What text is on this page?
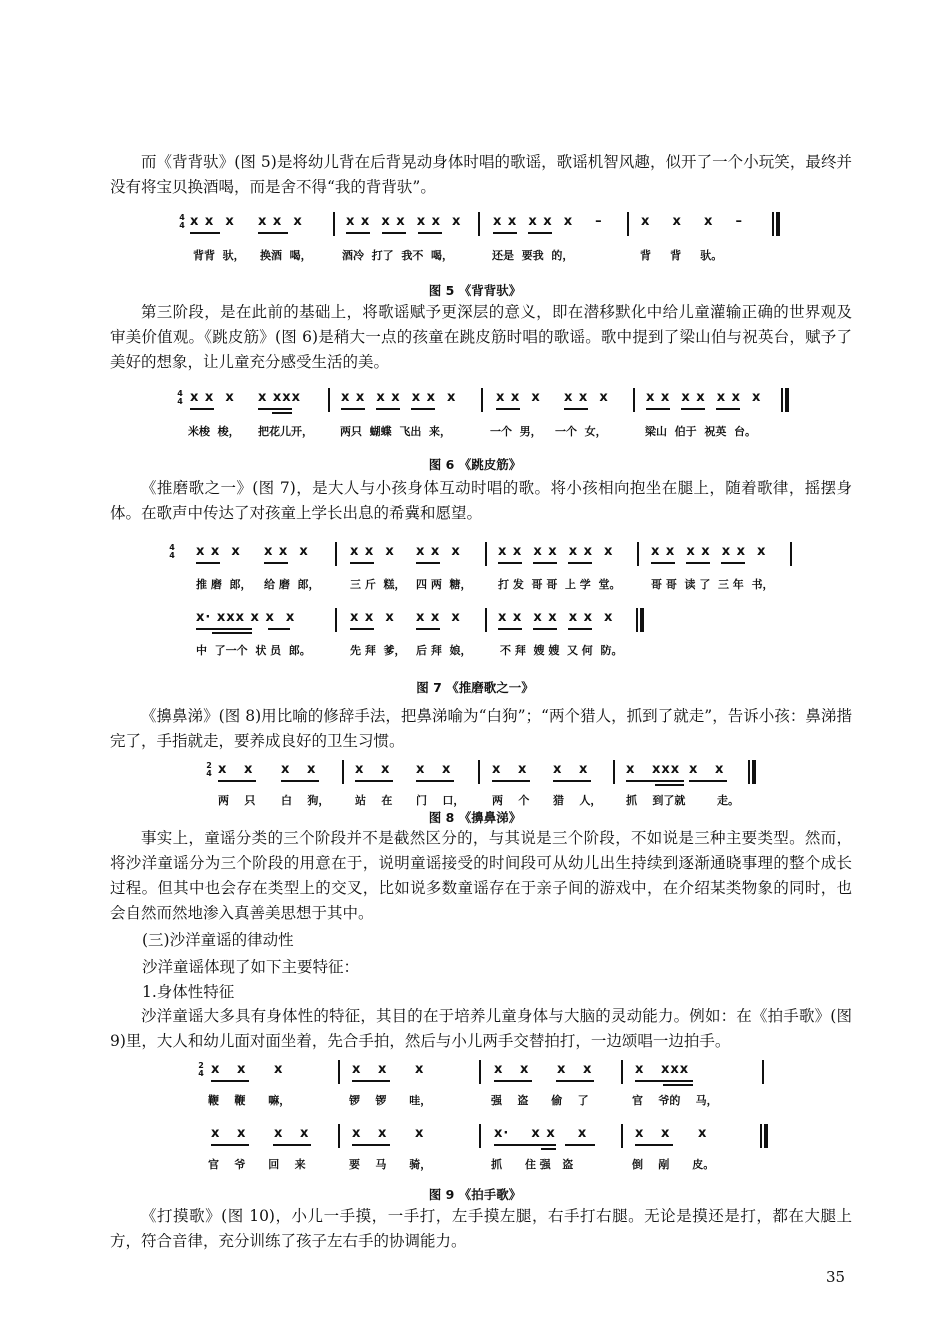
而《背背驮》(图 5)是将幼儿背在后背晃动身体时唱的歌谣，歌谣机智风趣，似开了一个小玩笑，最终并没有将宝贝换酒喝，而是舍不得“我的背背驮”。

4
4 x x  x x x  x	x x  x x  x x  x x x  x x  x    –	x    x    x    –
背背  驮， 换酒  喝，	酒冷  打了  我不  喝，	还是  要我  的，	背     背     驮。
图 5 《背背驮》

第三阶段，是在此前的基础上，将歌谣赋予更深层的意义，即在潜移默化中给儿童灌输正确的世界观及审美价值观。《跳皮筋》(图 6)是稍大一点的孩童在跳皮筋时唱的歌谣。歌中提到了梁山伯与祝英台，赋予了美好的想象，让儿童充分感受生活的美。

4
4 x x  x x xxx	x x  x x  x x  x	x x  x x x  x	x x  x x  x x  x
米梭  梭， 把花儿开， 两只  蝴蝶  飞出  来，	一个  男， 一个  女，	梁山  伯于  祝英  台。
图 6 《跳皮筋》

《推磨歌之一》(图 7)，是大人与小孩身体互动时唱的歌。将小孩相向抱坐在腿上，随着歌律，摇摆身体。在歌声中传达了对孩童上学长出息的希冀和愿望。

4
4 x x  x x x  x	x x  x x x  x	x x  x x  x x  x	x x  x x  x x  x
推 磨  郎， 给 磨  郎，	三 斤  糕， 四 两  糖， 打 发  哥 哥  上 学  堂。	哥 哥  读 了  三 年  书，
x· xxx x x  x	x x  x x x  x	x x  x x  x x  x
中  了一个  状 员  郎。	先 拜  爹， 后 拜  娘，	不 拜  嫂 嫂  又 何  防。
图 7 《推磨歌之一》

《擤鼻涕》(图 8)用比喻的修辞手法，把鼻涕喻为“白狗”；“两个猎人，抓到了就走”，告诉小孩：鼻涕揩完了，手指就走，要养成良好的卫生习惯。

2
4 x   x x   x	x   x x   x	x   x x   x	x   xxx x   x
两    只 白    狗， 站    在 门    口，	两    个 猎    人， 抓    到了就	走。
图 8 《擤鼻涕》

事实上，童谣分类的三个阶段并不是截然区分的，与其说是三个阶段，不如说是三种主要类型。然而，将沙洋童谣分为三个阶段的用意在于，说明童谣接受的时间段可从幼儿出生持续到逐渐通晓事理的整个成长过程。但其中也会存在类型上的交叉，比如说多数童谣存在于亲子间的游戏中，在介绍某类物象的同时，也会自然而然地渗入真善美思想于其中。

(三)沙洋童谣的律动性
沙洋童谣体现了如下主要特征：
1.身体性特征

沙洋童谣大多具有身体性的特征，其目的在于培养儿童身体与大脑的灵动能力。例如：在《拍手歌》(图 9)里，大人和幼儿面对面坐着，先合手拍，然后与小儿两手交替拍打，一边颂唱一边拍手。

2
4 x   x     x	x   x     x	x   x     x   x	x   xxx
鞭    鞭      嘛，	锣    锣      哇，	强    盗      偷    了	官    爷的    马，
x   x     x   x	x   x     x	x·    x x    x	x   x     x
官    爷      回    来	要    马      骑，	抓      住 强   盗	倒    剐      皮。
图 9 《拍手歌》

《打摸歌》(图 10)，小儿一手摸，一手打，左手摸左腿，右手打右腿。无论是摸还是打，都在大腿上方，符合音律，充分训练了孩子左右手的协调能力。

35
